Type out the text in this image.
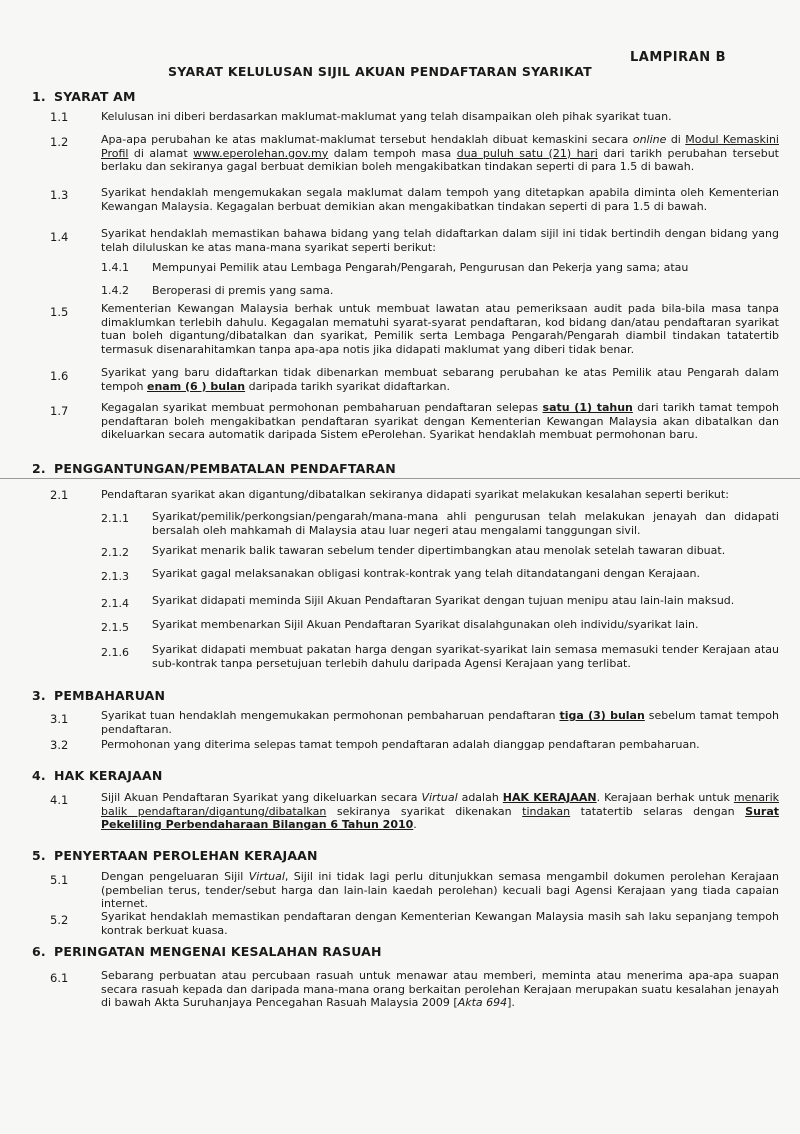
LAMPIRAN B
SYARAT KELULUSAN SIJIL AKUAN PENDAFTARAN SYARIKAT
1. SYARAT AM
1.1	Kelulusan ini diberi berdasarkan maklumat-maklumat yang telah disampaikan oleh pihak syarikat tuan.
1.2	Apa-apa perubahan ke atas maklumat-maklumat tersebut hendaklah dibuat kemaskini secara online di Modul Kemaskini Profil di alamat www.eperolehan.gov.my dalam tempoh masa dua puluh satu (21) hari dari tarikh perubahan tersebut berlaku dan sekiranya gagal berbuat demikian boleh mengakibatkan tindakan seperti di para 1.5 di bawah.
1.3	Syarikat hendaklah mengemukakan segala maklumat dalam tempoh yang ditetapkan apabila diminta oleh Kementerian Kewangan Malaysia. Kegagalan berbuat demikian akan mengakibatkan tindakan seperti di para 1.5 di bawah.
1.4	Syarikat hendaklah memastikan bahawa bidang yang telah didaftarkan dalam sijil ini tidak bertindih dengan bidang yang telah diluluskan ke atas mana-mana syarikat seperti berikut:
1.4.1 Mempunyai Pemilik atau Lembaga Pengarah/Pengarah, Pengurusan dan Pekerja yang sama; atau
1.4.2 Beroperasi di premis yang sama.
1.5	Kementerian Kewangan Malaysia berhak untuk membuat lawatan atau pemeriksaan audit pada bila-bila masa tanpa dimaklumkan terlebih dahulu. Kegagalan mematuhi syarat-syarat pendaftaran, kod bidang dan/atau pendaftaran syarikat tuan boleh digantung/dibatalkan dan syarikat, Pemilik serta Lembaga Pengarah/Pengarah diambil tindakan tatatertib termasuk disenarahitamkan tanpa apa-apa notis jika didapati maklumat yang diberi tidak benar.
1.6	Syarikat yang baru didaftarkan tidak dibenarkan membuat sebarang perubahan ke atas Pemilik atau Pengarah dalam tempoh enam (6 ) bulan daripada tarikh syarikat didaftarkan.
1.7	Kegagalan syarikat membuat permohonan pembaharuan pendaftaran selepas satu (1) tahun dari tarikh tamat tempoh pendaftaran boleh mengakibatkan pendaftaran syarikat dengan Kementerian Kewangan Malaysia akan dibatalkan dan dikeluarkan secara automatik daripada Sistem ePerolehan. Syarikat hendaklah membuat permohonan baru.
2. PENGGANTUNGAN/PEMBATALAN PENDAFTARAN
2.1	Pendaftaran syarikat akan digantung/dibatalkan sekiranya didapati syarikat melakukan kesalahan seperti berikut:
2.1.1 Syarikat/pemilik/perkongsian/pengarah/mana-mana ahli pengurusan telah melakukan jenayah dan didapati bersalah oleh mahkamah di Malaysia atau luar negeri atau mengalami tanggungan sivil.
2.1.2 Syarikat menarik balik tawaran sebelum tender dipertimbangkan atau menolak setelah tawaran dibuat.
2.1.3 Syarikat gagal melaksanakan obligasi kontrak-kontrak yang telah ditandatangani dengan Kerajaan.
2.1.4 Syarikat didapati meminda Sijil Akuan Pendaftaran Syarikat dengan tujuan menipu atau lain-lain maksud.
2.1.5 Syarikat membenarkan Sijil Akuan Pendaftaran Syarikat disalahgunakan oleh individu/syarikat lain.
2.1.6 Syarikat didapati membuat pakatan harga dengan syarikat-syarikat lain semasa memasuki tender Kerajaan atau sub-kontrak tanpa persetujuan terlebih dahulu daripada Agensi Kerajaan yang terlibat.
3. PEMBAHARUAN
3.1	Syarikat tuan hendaklah mengemukakan permohonan pembaharuan pendaftaran tiga (3) bulan sebelum tamat tempoh pendaftaran.
3.2	Permohonan yang diterima selepas tamat tempoh pendaftaran adalah dianggap pendaftaran pembaharuan.
4. HAK KERAJAAN
4.1	Sijil Akuan Pendaftaran Syarikat yang dikeluarkan secara Virtual adalah HAK KERAJAAN. Kerajaan berhak untuk menarik balik pendaftaran/digantung/dibatalkan sekiranya syarikat dikenakan tindakan tatatertib selaras dengan Surat Pekeliling Perbendaharaan Bilangan 6 Tahun 2010.
5. PENYERTAAN PEROLEHAN KERAJAAN
5.1	Dengan pengeluaran Sijil Virtual, Sijil ini tidak lagi perlu ditunjukkan semasa mengambil dokumen perolehan Kerajaan (pembelian terus, tender/sebut harga dan lain-lain kaedah perolehan) kecuali bagi Agensi Kerajaan yang tiada capaian internet.
5.2	Syarikat hendaklah memastikan pendaftaran dengan Kementerian Kewangan Malaysia masih sah laku sepanjang tempoh kontrak berkuat kuasa.
6. PERINGATAN MENGENAI KESALAHAN RASUAH
6.1	Sebarang perbuatan atau percubaan rasuah untuk menawar atau memberi, meminta atau menerima apa-apa suapan secara rasuah kepada dan daripada mana-mana orang berkaitan perolehan Kerajaan merupakan suatu kesalahan jenayah di bawah Akta Suruhanjaya Pencegahan Rasuah Malaysia 2009 [Akta 694].
